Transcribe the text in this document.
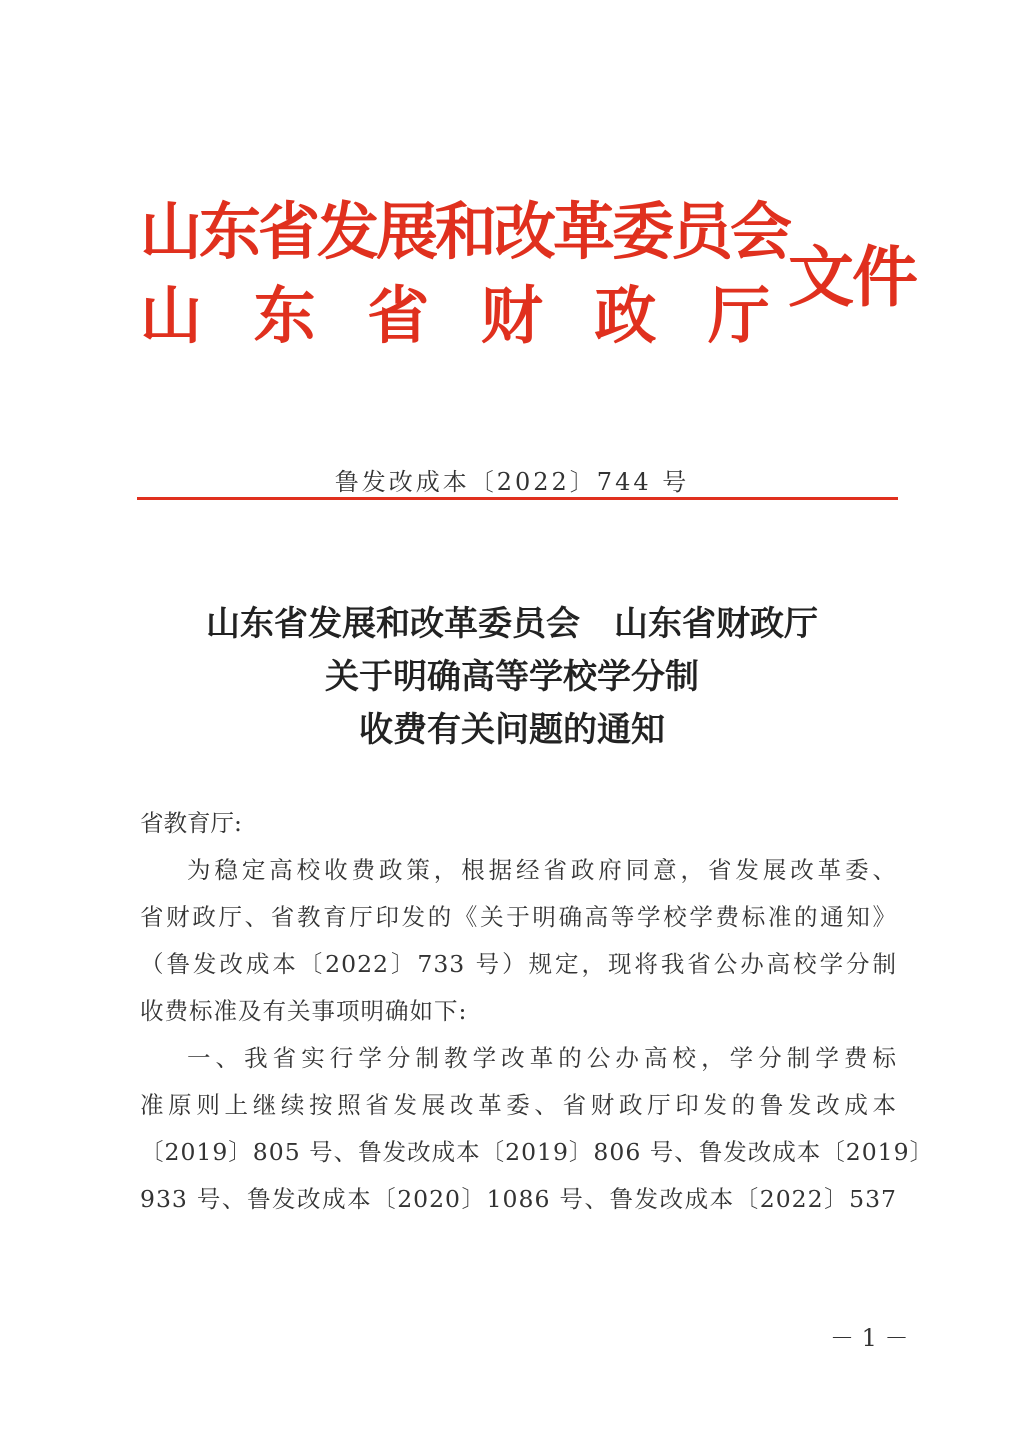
山东省发展和改革委员会
山 东 省 财 政 厅 文件
鲁发改成本〔2022〕744 号
山东省发展和改革委员会　山东省财政厅
关于明确高等学校学分制
收费有关问题的通知
省教育厅:
为稳定高校收费政策，根据经省政府同意，省发展改革委、
省财政厅、省教育厅印发的《关于明确高等学校学费标准的通知》
（鲁发改成本〔2022〕733 号）规定，现将我省公办高校学分制
收费标准及有关事项明确如下:
一、我省实行学分制教学改革的公办高校，学分制学费标
准原则上继续按照省发展改革委、省财政厅印发的鲁发改成本
〔2019〕805 号、鲁发改成本〔2019〕806 号、鲁发改成本〔2019〕
933 号、鲁发改成本〔2020〕1086 号、鲁发改成本〔2022〕537
－ 1 －
